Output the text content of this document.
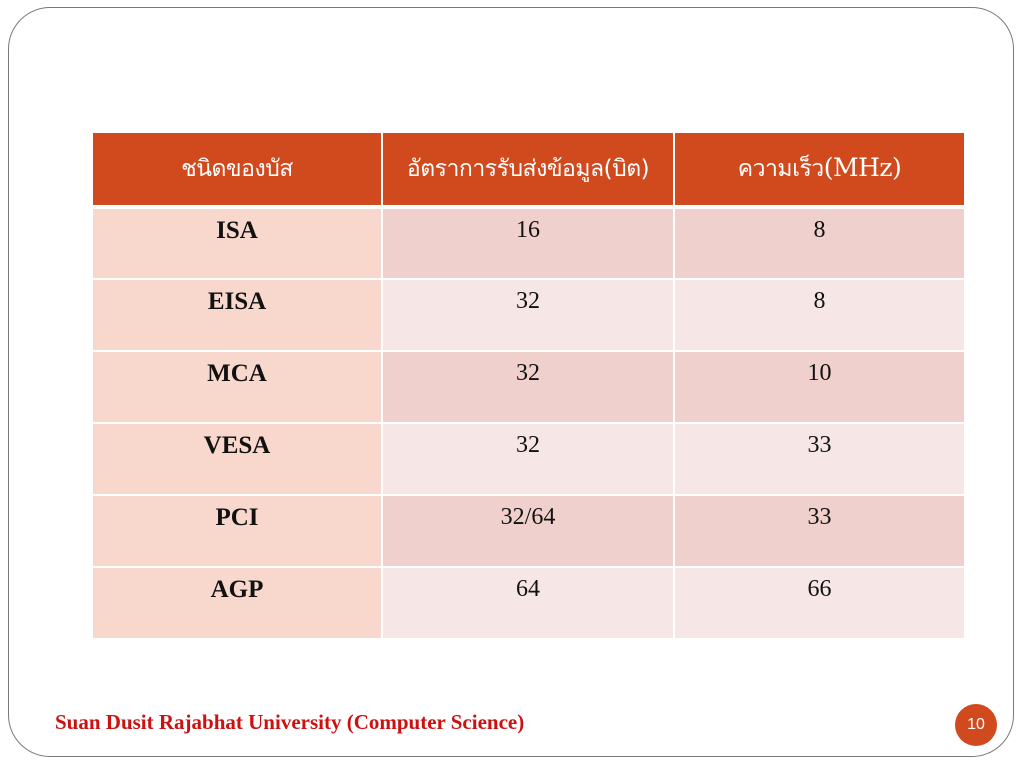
ชนิดของบัส	อัตราการรับส่งข้อมูล(บิต)	ความเร็ว(MHz)
ISA	16	8
EISA	32	8
MCA	32	10
VESA	32	33
PCI	32/64	33
AGP	64	66
Suan Dusit Rajabhat University (Computer Science)	10
